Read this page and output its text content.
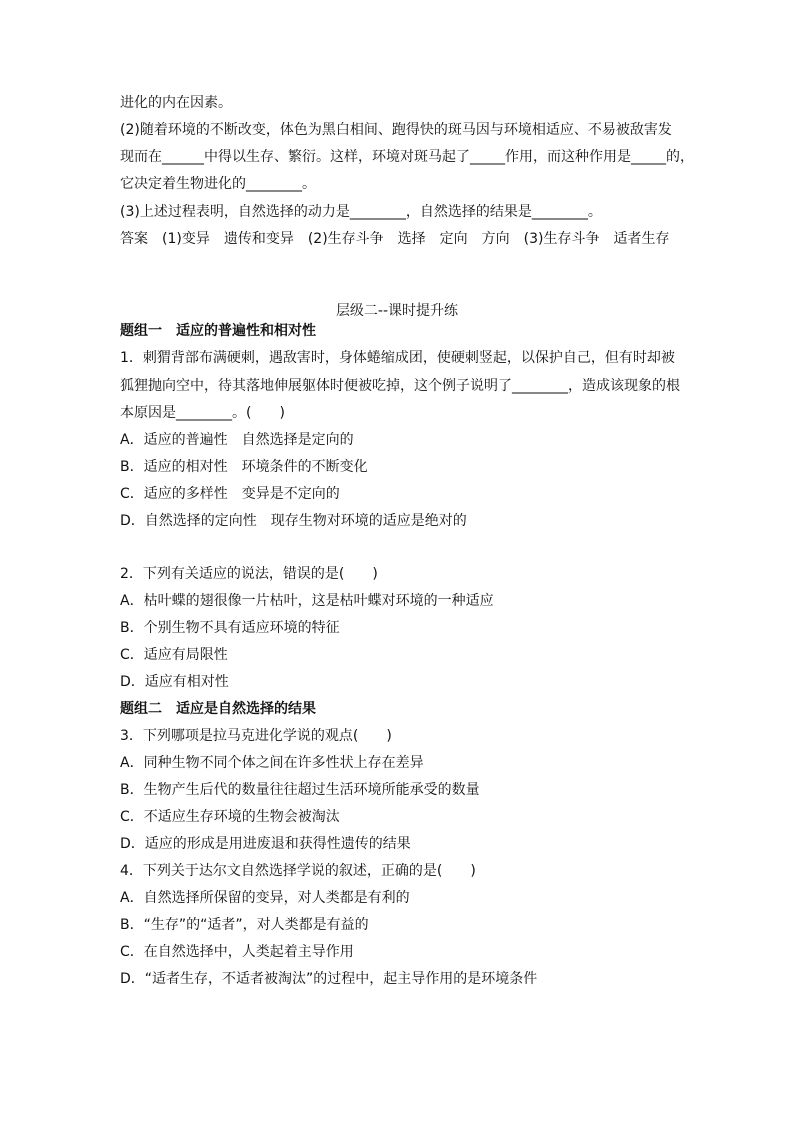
进化的内在因素。
(2)随着环境的不断改变，体色为黑白相间、跑得快的斑马因与环境相适应、不易被敌害发
现而在______中得以生存、繁衍。这样，环境对斑马起了_____作用，而这种作用是_____的，
它决定着生物进化的________。
(3)上述过程表明，自然选择的动力是________，自然选择的结果是________。
答案　(1)变异　遗传和变异　(2)生存斗争　选择　定向　方向　(3)生存斗争　适者生存
层级二--课时提升练
题组一　适应的普遍性和相对性
1．刺猬背部布满硬刺，遇敌害时，身体蜷缩成团，使硬刺竖起，以保护自己，但有时却被
狐狸抛向空中，待其落地伸展躯体时便被吃掉，这个例子说明了________，造成该现象的根
本原因是________。(　　)
A．适应的普遍性　自然选择是定向的
B．适应的相对性　环境条件的不断变化
C．适应的多样性　变异是不定向的
D．自然选择的定向性　现存生物对环境的适应是绝对的
2．下列有关适应的说法，错误的是(　　)
A．枯叶蝶的翅很像一片枯叶，这是枯叶蝶对环境的一种适应
B．个别生物不具有适应环境的特征
C．适应有局限性
D．适应有相对性
题组二　适应是自然选择的结果
3．下列哪项是拉马克进化学说的观点(　　)
A．同种生物不同个体之间在许多性状上存在差异
B．生物产生后代的数量往往超过生活环境所能承受的数量
C．不适应生存环境的生物会被淘汰
D．适应的形成是用进废退和获得性遗传的结果
4．下列关于达尔文自然选择学说的叙述，正确的是(　　)
A．自然选择所保留的变异，对人类都是有利的
B．“生存”的“适者”，对人类都是有益的
C．在自然选择中，人类起着主导作用
D．“适者生存，不适者被淘汰”的过程中，起主导作用的是环境条件
